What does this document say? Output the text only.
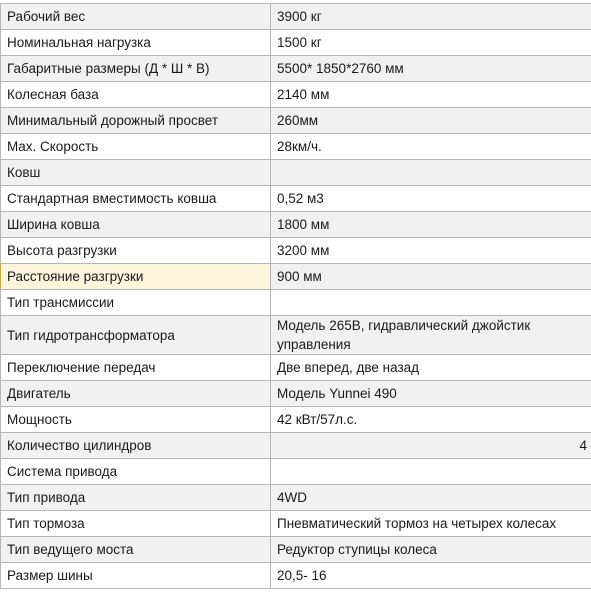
Рабочий вес	3900 кг
Номинальная нагрузка	1500 кг
Габаритные размеры (Д * Ш * В)	5500* 1850*2760 мм
Колесная база	2140 мм
Минимальный дорожный просвет	260мм
Max. Скорость	28км/ч.
Ковш	
Стандартная вместимость ковша	0,52 м3
Ширина ковша	1800 мм
Высота разгрузки	3200 мм
Расстояние разгрузки	900 мм
Тип трансмиссии	
Тип гидротрансформатора	Модель 265B, гидравлический джойстик управления
Переключение передач	Две вперед, две назад
Двигатель	Модель Yunnei 490
Мощность	42 кВт/57л.с.
Количество цилиндров	4
Система привода	
Тип привода	4WD
Тип тормоза	Пневматический тормоз на четырех колесах
Тип ведущего моста	Редуктор ступицы колеса
Размер шины	20,5- 16
